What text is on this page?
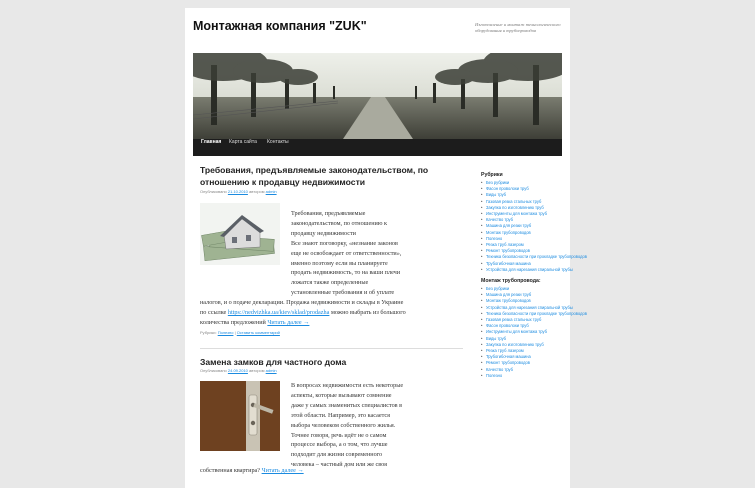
Монтажная компания "ZUK"	Изготовление и монтаж технологического оборудования и трубопроводов
Главная Карта сайта Контакты
Требования, предъявляемые законодательством, по отношению к продавцу недвижимости
Опубликовано 21.10.2010 автором admin
Требования, предъявляемые
законодательством, по отношению к
продавцу недвижимости
Все знают поговорку, «незнание законов
еще не освобождает от ответственности»,
именно поэтому если вы планируете
продать недвижимость, то на ваши плечи
ложатся также определенные
установленные требования и об уплате
налогов, и о подаче декларации. Продажа недвижимости и склады в Украине
по ссылке https://nedvizhka.ua/kiev/sklad/prodazha можно выбрать из большого
количества предложений Читать далее →
Рубрики: Полезно | Оставить комментарий
Замена замков для частного дома
Опубликовано 24.09.2010 автором admin
В вопросах недвижимости есть некоторые
аспекты, которые вызывают сомнение
даже у самых знаменитых специалистов в
этой области. Например, это касается
выбора человеком собственного жилья.
Точнее говоря, речь идёт не о самом
процессе выбора, а о том, что лучше
подходит для жизни современного
человека – частный дом или же своя
собственная квартира? Читать далее →
Рубрики
• Без рубрики
• Фасон проволоки труб
• Виды труб
• Газовая резка стальных труб
• Закупка по изготовлению труб
• Инструменты для монтажа труб
• Качество труб
• Машина для резки труб
• Монтаж трубопроводов
• Полезно
• Резка труб лазером
• Ремонт трубопроводов
• Техника безопасности при прокладке трубопроводов
• Трубогибочная машина
• Устройства для нарезания спиральной трубы
Монтаж трубопровода:
• Без рубрики
• Машина для резки труб
• Монтаж трубопроводов
• Устройства для нарезания спиральной трубы
• Техника безопасности при прокладке трубопроводов
• Газовая резка стальных труб
• Фасон проволоки труб
• Инструменты для монтажа труб
• Виды труб
• Закупка по изготовлению труб
• Резка труб лазером
• Трубогибочная машина
• Ремонт трубопроводов
• Качество труб
• Полезно
